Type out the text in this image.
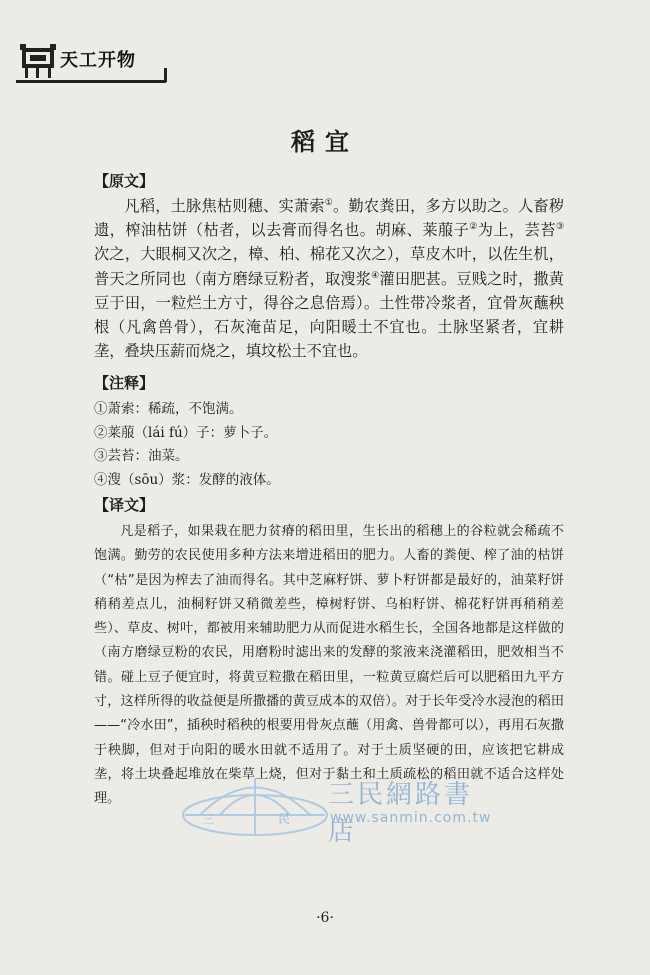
天工开物
稻宜
【原文】

凡稻，土脉焦枯则穗、实萧索①。勤农粪田，多方以助之。人畜秽遗，榨油枯饼（枯者，以去膏而得名也。胡麻、莱菔子②为上，芸苔③次之，大眼桐又次之，樟、柏、棉花又次之），草皮木叶，以佐生机，普天之所同也（南方磨绿豆粉者，取溲浆④灌田肥甚。豆贱之时，撒黄豆于田，一粒烂土方寸，得谷之息倍焉）。土性带冷浆者，宜骨灰蘸秧根（凡禽兽骨），石灰淹苗足，向阳暖土不宜也。土脉坚紧者，宜耕垄，叠块压薪而烧之，填坟松土不宜也。

【注释】
①萧索：稀疏，不饱满。
②莱菔（lái fú）子：萝卜子。
③芸苔：油菜。
④溲（sōu）浆：发酵的液体。
【译文】

凡是稻子，如果栽在肥力贫瘠的稻田里，生长出的稻穗上的谷粒就会稀疏不饱满。勤劳的农民使用多种方法来增进稻田的肥力。人畜的粪便、榨了油的枯饼（“枯”是因为榨去了油而得名。其中芝麻籽饼、萝卜籽饼都是最好的，油菜籽饼稍稍差点儿，油桐籽饼又稍微差些，樟树籽饼、乌桕籽饼、棉花籽饼再稍稍差些）、草皮、树叶，都被用来辅助肥力从而促进水稻生长，全国各地都是这样做的（南方磨绿豆粉的农民，用磨粉时滤出来的发酵的浆液来浇灌稻田，肥效相当不错。碰上豆子便宜时，将黄豆粒撒在稻田里，一粒黄豆腐烂后可以肥稻田九平方寸，这样所得的收益便是所撒播的黄豆成本的双倍）。对于长年受冷水浸泡的稻田——“冷水田”，插秧时稻秧的根要用骨灰点蘸（用禽、兽骨都可以），再用石灰撒于秧脚，但对于向阳的暖水田就不适用了。对于土质坚硬的田，应该把它耕成垄，将土块叠起堆放在柴草上烧，但对于黏土和土质疏松的稻田就不适合这样处理。

三	民
三民網路書店
www.sanmin.com.tw
·6·
